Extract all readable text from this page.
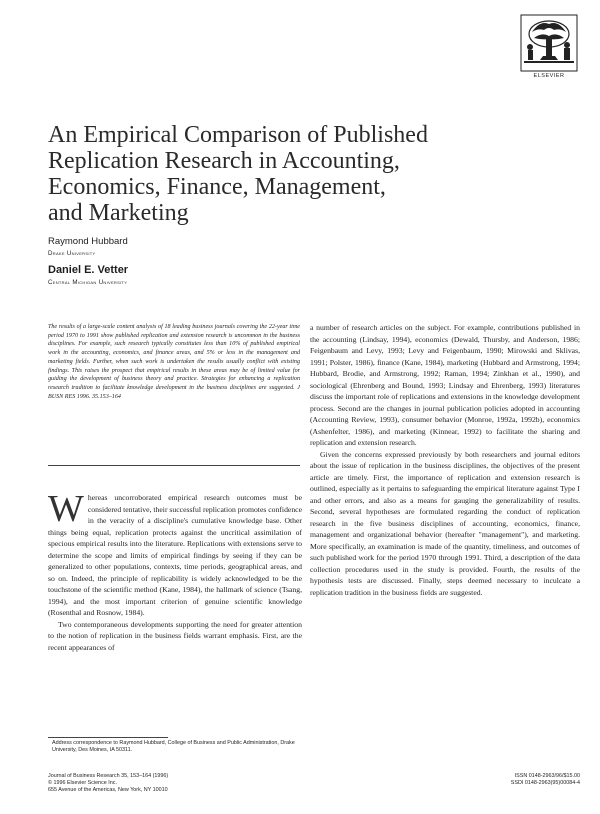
ELSEVIER
An Empirical Comparison of Published
Replication Research in Accounting,
Economics, Finance, Management,
and Marketing
Raymond Hubbard
Drake University
Daniel E. Vetter
Central Michigan University
The results of a large-scale content analysis of 18 leading business journals covering the 22-year time period 1970 to 1991 show published replication and extension research is uncommon in the business disciplines. For example, such research typically constitutes less than 10% of published empirical work in the accounting, economics, and finance areas, and 5% or less in the management and marketing fields. Further, when such work is undertaken the results usually conflict with existing findings. This raises the prospect that empirical results in these areas may be of limited value for guiding the development of business theory and practice. Strategies for enhancing a replication research tradition to facilitate knowledge development in the business disciplines are suggested. J BUSN RES 1996. 35.153–164

Whereas uncorroborated empirical research outcomes must be considered tentative, their successful replication promotes confidence in the veracity of a discipline's cumulative knowledge base. Other things being equal, replication protects against the uncritical assimilation of specious empirical results into the literature. Replications with extensions serve to determine the scope and limits of empirical findings by seeing if they can be generalized to other populations, contexts, time periods, geographical areas, and so on. Indeed, the principle of replicability is widely acknowledged to be the touchstone of the scientific method (Kane, 1984), the hallmark of science (Tsang, 1994), and the most important criterion of genuine scientific knowledge (Rosenthal and Rosnow, 1984).

Two contemporaneous developments supporting the need for greater attention to the notion of replication in the business fields warrant emphasis. First, are the recent appearances of

Address correspondence to Raymond Hubbard, College of Business and Public Administration, Drake University, Des Moines, IA 50311.

a number of research articles on the subject. For example, contributions published in the accounting (Lindsay, 1994), economics (Dewald, Thursby, and Anderson, 1986; Feigenbaum and Levy, 1993; Levy and Feigenbaum, 1990; Mirowski and Sklivas, 1991; Polster, 1986), finance (Kane, 1984), marketing (Hubbard and Armstrong, 1994; Hubbard, Brodie, and Armstrong, 1992; Raman, 1994; Zinkhan et al., 1990), and sociological (Ehrenberg and Bound, 1993; Lindsay and Ehrenberg, 1993) literatures discuss the important role of replications and extensions in the knowledge development process. Second are the changes in journal publication policies adopted in accounting (Accounting Review, 1993), consumer behavior (Monroe, 1992a, 1992b), economics (Ashenfelter, 1986), and marketing (Kinnear, 1992) to facilitate the sharing and replication and extension research.

Given the concerns expressed previously by both researchers and journal editors about the issue of replication in the business disciplines, the objectives of the present article are timely. First, the importance of replication and extension research is outlined, especially as it pertains to safeguarding the empirical literature against Type I and other errors, and also as a means for gauging the generalizability of results. Second, several hypotheses are formulated regarding the conduct of replication research in the five business disciplines of accounting, economics, finance, management and organizational behavior (hereafter "management"), and marketing. More specifically, an examination is made of the quantity, timeliness, and outcomes of such published work for the period 1970 through 1991. Third, a description of the data collection procedures used in the study is provided. Fourth, the results of the hypothesis tests are discussed. Finally, steps deemed necessary to inculcate a replication tradition in the business fields are suggested.

Journal of Business Research 35, 153–164 (1996)
© 1996 Elsevier Science Inc.
655 Avenue of the Americas, New York, NY 10010
ISSN 0148-2963/96/$15.00
SSDI 0148-2963(95)00084-4
